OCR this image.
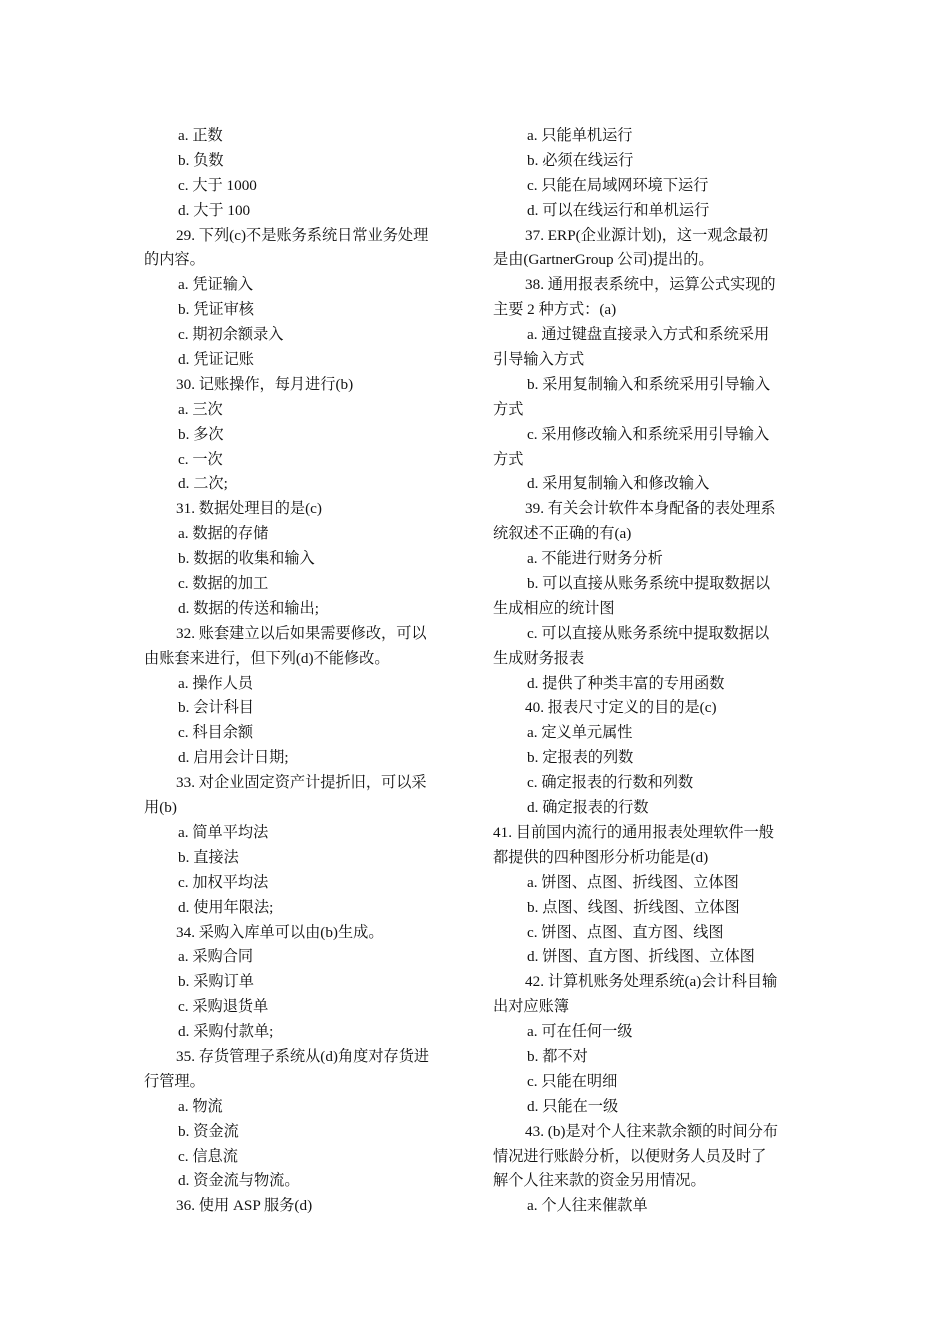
a. 正数
b. 负数
c. 大于 1000
d. 大于 100
29. 下列(c)不是账务系统日常业务处理
的内容。
a. 凭证输入
b. 凭证审核
c. 期初余额录入
d. 凭证记账
30. 记账操作，每月进行(b)
a. 三次
b. 多次
c. 一次
d. 二次;
31. 数据处理目的是(c)
a. 数据的存储
b. 数据的收集和输入
c. 数据的加工
d. 数据的传送和输出;
32. 账套建立以后如果需要修改，可以
由账套来进行，但下列(d)不能修改。
a. 操作人员
b. 会计科目
c. 科目余额
d. 启用会计日期;
33. 对企业固定资产计提折旧，可以采
用(b)
a. 简单平均法
b. 直接法
c. 加权平均法
d. 使用年限法;
34. 采购入库单可以由(b)生成。
a. 采购合同
b. 采购订单
c. 采购退货单
d. 采购付款单;
35. 存货管理子系统从(d)角度对存货进
行管理。
a. 物流
b. 资金流
c. 信息流
d. 资金流与物流。
36. 使用 ASP 服务(d)
a. 只能单机运行
b. 必须在线运行
c. 只能在局域网环境下运行
d. 可以在线运行和单机运行
37. ERP(企业源计划)，这一观念最初
是由(GartnerGroup 公司)提出的。
38. 通用报表系统中，运算公式实现的
主要 2 种方式：(a)
a. 通过键盘直接录入方式和系统采用
引导输入方式
b. 采用复制输入和系统采用引导输入
方式
c. 采用修改输入和系统采用引导输入
方式
d. 采用复制输入和修改输入
39. 有关会计软件本身配备的表处理系
统叙述不正确的有(a)
a. 不能进行财务分析
b. 可以直接从账务系统中提取数据以
生成相应的统计图
c. 可以直接从账务系统中提取数据以
生成财务报表
d. 提供了种类丰富的专用函数
40. 报表尺寸定义的目的是(c)
a. 定义单元属性
b. 定报表的列数
c. 确定报表的行数和列数
d. 确定报表的行数
41. 目前国内流行的通用报表处理软件一般
都提供的四种图形分析功能是(d)
a. 饼图、点图、折线图、立体图
b. 点图、线图、折线图、立体图
c. 饼图、点图、直方图、线图
d. 饼图、直方图、折线图、立体图
42. 计算机账务处理系统(a)会计科目输
出对应账簿
a. 可在任何一级
b. 都不对
c. 只能在明细
d. 只能在一级
43. (b)是对个人往来款余额的时间分布
情况进行账龄分析，以便财务人员及时了
解个人往来款的资金另用情况。
a. 个人往来催款单
